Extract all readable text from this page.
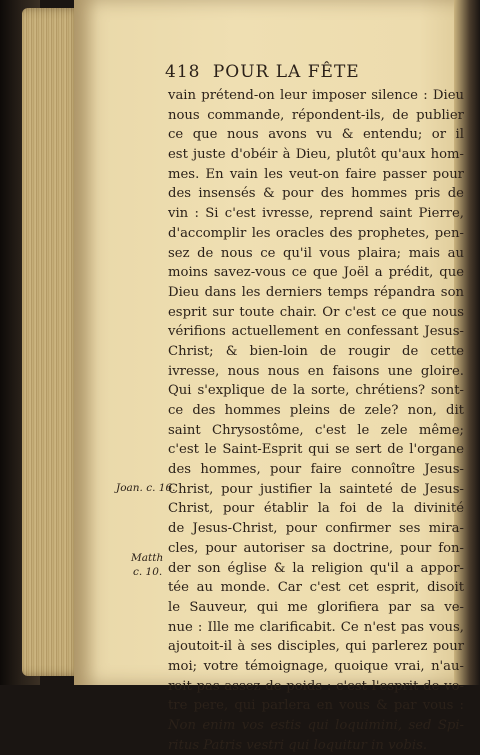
418 POUR LA FÊTE
vain prétend-on leur imposer silence : Dieu
nous commande, répondent-ils, de publier
ce que nous avons vu & entendu; or il
est juste d'obéir à Dieu, plutôt qu'aux hom-
mes. En vain les veut-on faire passer pour
des insensés & pour des hommes pris de
vin : Si c'est ivresse, reprend saint Pierre,
d'accomplir les oracles des prophetes, pen-
sez de nous ce qu'il vous plaira; mais au
moins savez-vous ce que Joël a prédit, que
Dieu dans les derniers temps répandra son
esprit sur toute chair. Or c'est ce que nous
vérifions actuellement en confessant Jesus-
Christ; & bien-loin de rougir de cette
ivresse, nous nous en faisons une gloire.
Qui s'explique de la sorte, chrétiens? sont-
ce des hommes pleins de zele? non, dit
saint Chrysostôme, c'est le zele même;
c'est le Saint-Esprit qui se sert de l'organe
des hommes, pour faire connoître Jesus-
Christ, pour justifier la sainteté de Jesus-
Christ, pour établir la foi de la divinité
de Jesus-Christ, pour confirmer ses mira-
cles, pour autoriser sa doctrine, pour fon-
der son église & la religion qu'il a appor-
tée au monde. Car c'est cet esprit, disoit
le Sauveur, qui me glorifiera par sa ve-
nue : Ille me clarificabit. Ce n'est pas vous,
ajoutoit-il à ses disciples, qui parlerez pour
moi; votre témoignage, quoique vrai, n'au-
roit pas assez de poids : c'est l'esprit de vo-
tre pere, qui parlera en vous & par vous :
Non enim vos estis qui loquimini, sed Spi-
ritus Patris vestri qui loquitur in vobis.
Joan. c. 16.
Matth
c. 10.
